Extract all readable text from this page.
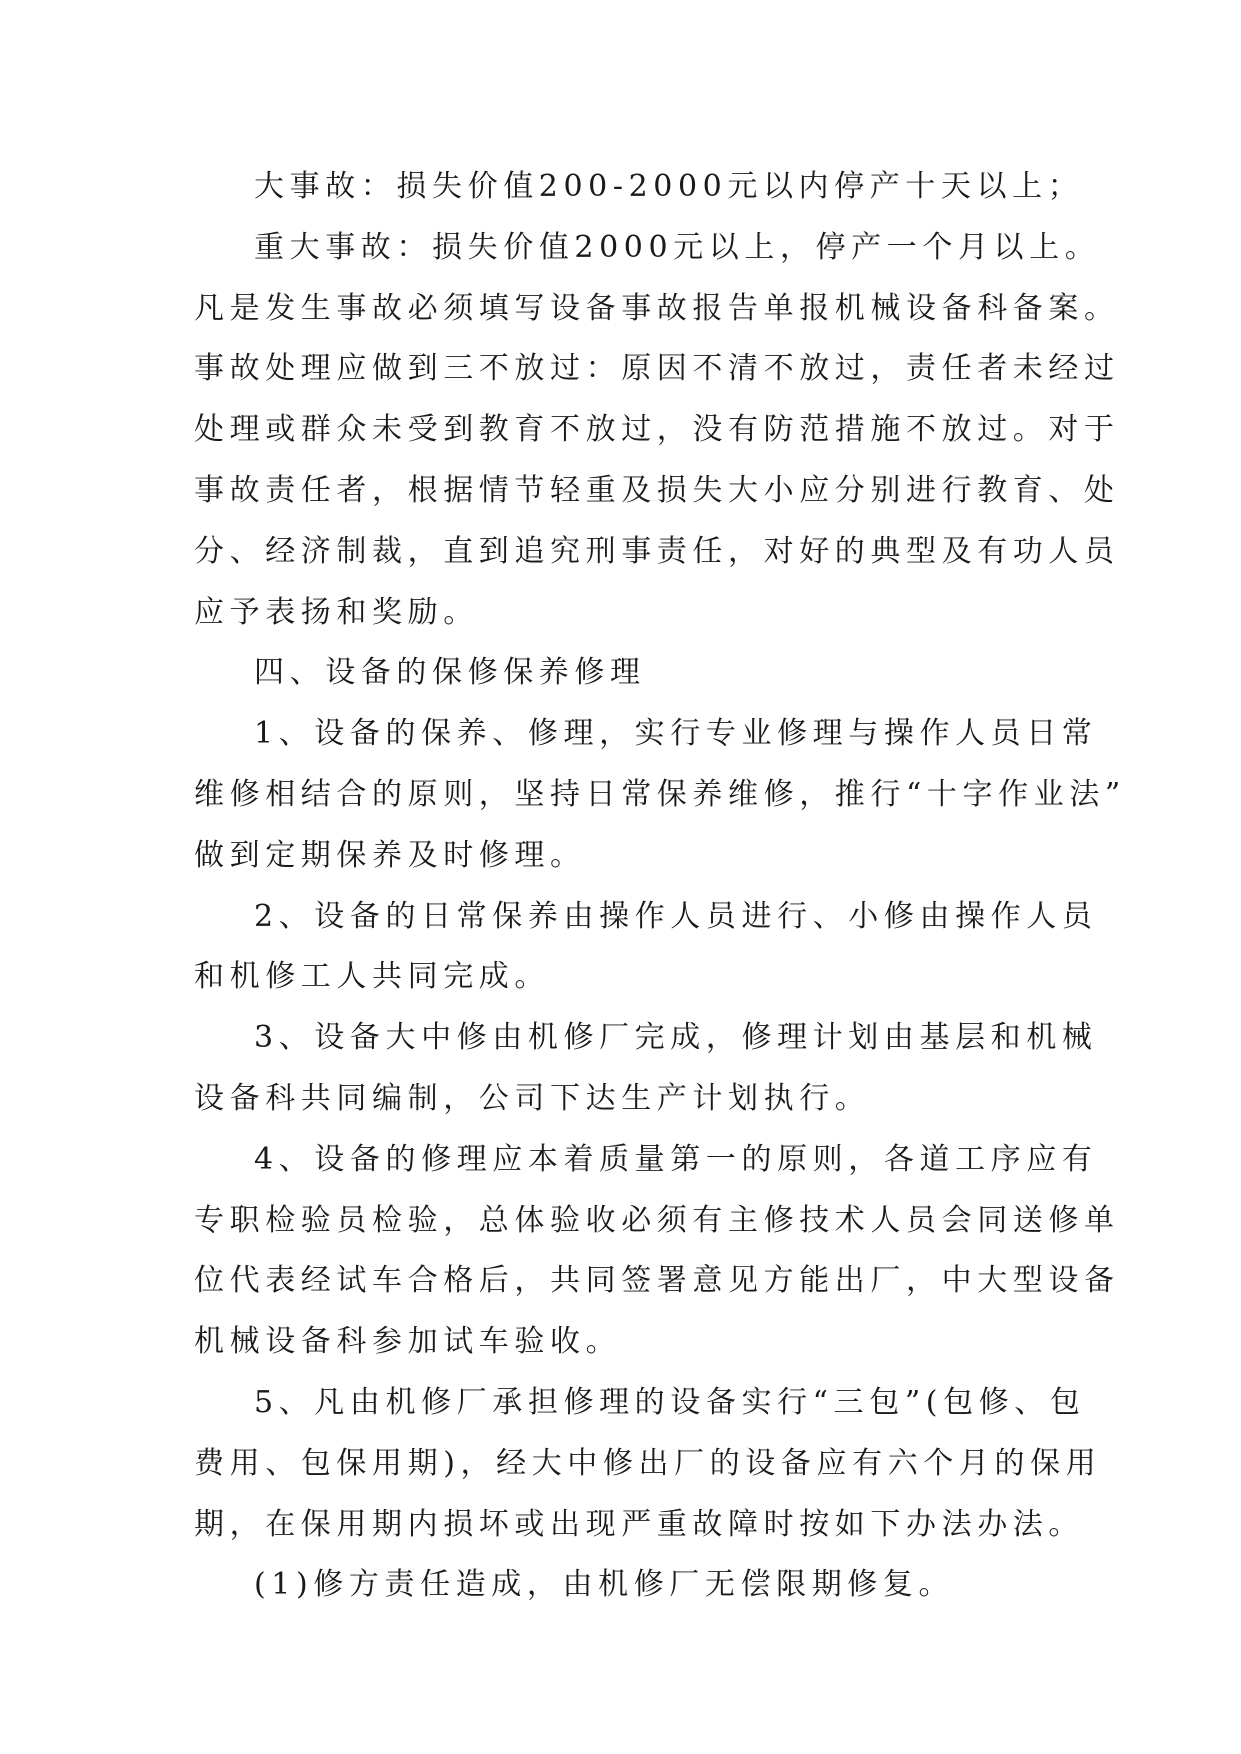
大事故：损失价值200-2000元以内停产十天以上；
重大事故：损失价值2000元以上，停产一个月以上。
凡是发生事故必须填写设备事故报告单报机械设备科备案。
事故处理应做到三不放过：原因不清不放过，责任者未经过
处理或群众未受到教育不放过，没有防范措施不放过。对于
事故责任者，根据情节轻重及损失大小应分别进行教育、处
分、经济制裁，直到追究刑事责任，对好的典型及有功人员
应予表扬和奖励。
四、设备的保修保养修理
1、设备的保养、修理，实行专业修理与操作人员日常
维修相结合的原则，坚持日常保养维修，推行“十字作业法”
做到定期保养及时修理。
2、设备的日常保养由操作人员进行、小修由操作人员
和机修工人共同完成。
3、设备大中修由机修厂完成，修理计划由基层和机械
设备科共同编制，公司下达生产计划执行。
4、设备的修理应本着质量第一的原则，各道工序应有
专职检验员检验，总体验收必须有主修技术人员会同送修单
位代表经试车合格后，共同签署意见方能出厂，中大型设备
机械设备科参加试车验收。
5、凡由机修厂承担修理的设备实行“三包”(包修、包
费用、包保用期)，经大中修出厂的设备应有六个月的保用
期，在保用期内损坏或出现严重故障时按如下办法办法。
(1)修方责任造成，由机修厂无偿限期修复。
